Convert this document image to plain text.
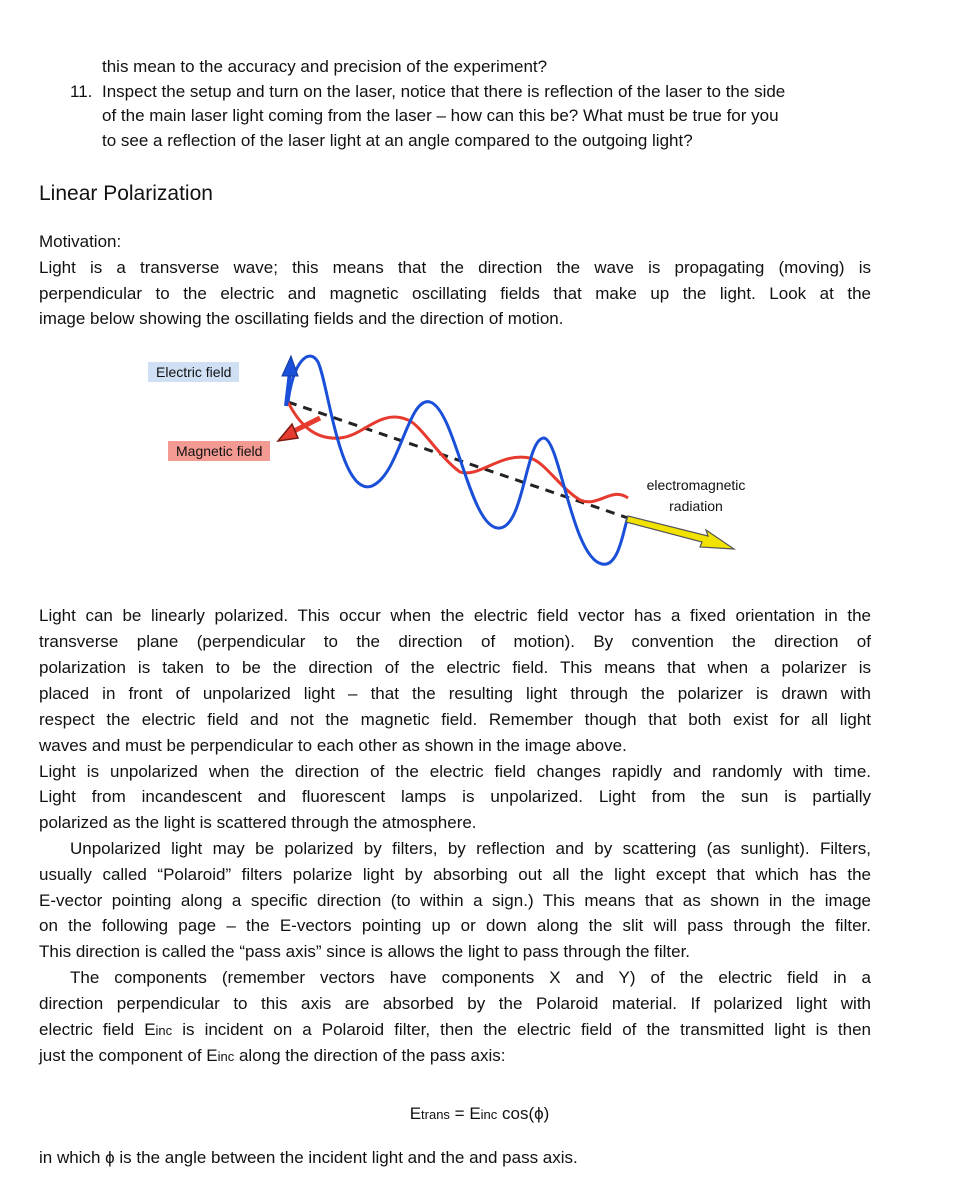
this mean to the accuracy and precision of the experiment?
11. Inspect the setup and turn on the laser, notice that there is reflection of the laser to the side
of the main laser light coming from the laser – how can this be? What must be true for you
to see a reflection of the laser light at an angle compared to the outgoing light?
Linear Polarization
Motivation:
Light is a transverse wave; this means that the direction the wave is propagating (moving) is
perpendicular to the electric and magnetic oscillating fields that make up the light. Look at the
image below showing the oscillating fields and the direction of motion.
Electric field
Magnetic field
electromagnetic
radiation
Light can be linearly polarized. This occur when the electric field vector has a fixed orientation in the
transverse plane (perpendicular to the direction of motion). By convention the direction of
polarization is taken to be the direction of the electric field. This means that when a polarizer is
placed in front of unpolarized light – that the resulting light through the polarizer is drawn with
respect the electric field and not the magnetic field. Remember though that both exist for all light
waves and must be perpendicular to each other as shown in the image above.
Light is unpolarized when the direction of the electric field changes rapidly and randomly with time.
Light from incandescent and fluorescent lamps is unpolarized. Light from the sun is partially
polarized as the light is scattered through the atmosphere.
Unpolarized light may be polarized by filters, by reflection and by scattering (as sunlight). Filters,
usually called “Polaroid” filters polarize light by absorbing out all the light except that which has the
E-vector pointing along a specific direction (to within a sign.) This means that as shown in the image
on the following page – the E-vectors pointing up or down along the slit will pass through the filter.
This direction is called the “pass axis” since is allows the light to pass through the filter.
The components (remember vectors have components X and Y) of the electric field in a
direction perpendicular to this axis are absorbed by the Polaroid material. If polarized light with
electric field Einc is incident on a Polaroid filter, then the electric field of the transmitted light is then
just the component of Einc along the direction of the pass axis:
Etrans = Einc cos(ϕ)
in which ϕ is the angle between the incident light and the and pass axis.
